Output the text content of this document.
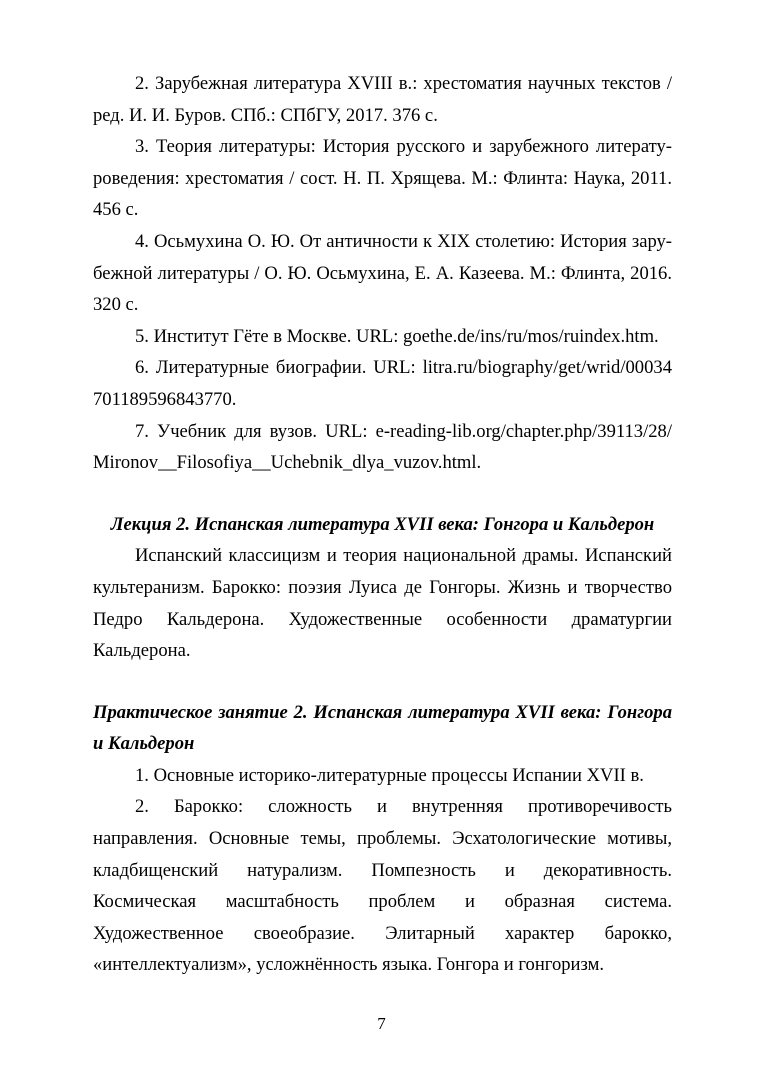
2. Зарубежная литература XVIII в.: хрестоматия научных текстов / ред. И. И. Буров. СПб.: СПбГУ, 2017. 376 с.

3. Теория литературы: История русского и зарубежного литературоведения: хрестоматия / сост. Н. П. Хрящева. М.: Флинта: Наука, 2011. 456 с.

4. Осьмухина О. Ю. От античности к XIX столетию: История зарубежной литературы / О. Ю. Осьмухина, Е. А. Казеева. М.: Флинта, 2016. 320 с.

5. Институт Гёте в Москве. URL: goethe.de/ins/ru/mos/ruindex.htm.

6. Литературные биографии. URL: litra.ru/biography/get/wrid/00034​701189596843770.

7. Учебник для вузов. URL: e-reading-lib.org/chapter.php/39113/28/​Mironov__Filosofiya__Uchebnik_dlya_vuzov.html.

Лекция 2. Испанская литература XVII века: Гонгора и Кальдерон

Испанский классицизм и теория национальной драмы. Испанский культеранизм. Барокко: поэзия Луиса де Гонгоры. Жизнь и творчество Педро Кальдерона. Художественные особенности драматургии Кальдерона.

Практическое занятие 2. Испанская литература XVII века: Гонгора и Кальдерон

1. Основные историко-литературные процессы Испании XVII в.

2. Барокко: сложность и внутренняя противоречивость направления. Основные темы, проблемы. Эсхатологические мотивы, кладбищенский натурализм. Помпезность и декоративность. Космическая масштабность проблем и образная система. Художественное своеобразие. Элитарный характер барокко, «интеллектуализм», усложнённость языка. Гонгора и гонгоризм.

7
